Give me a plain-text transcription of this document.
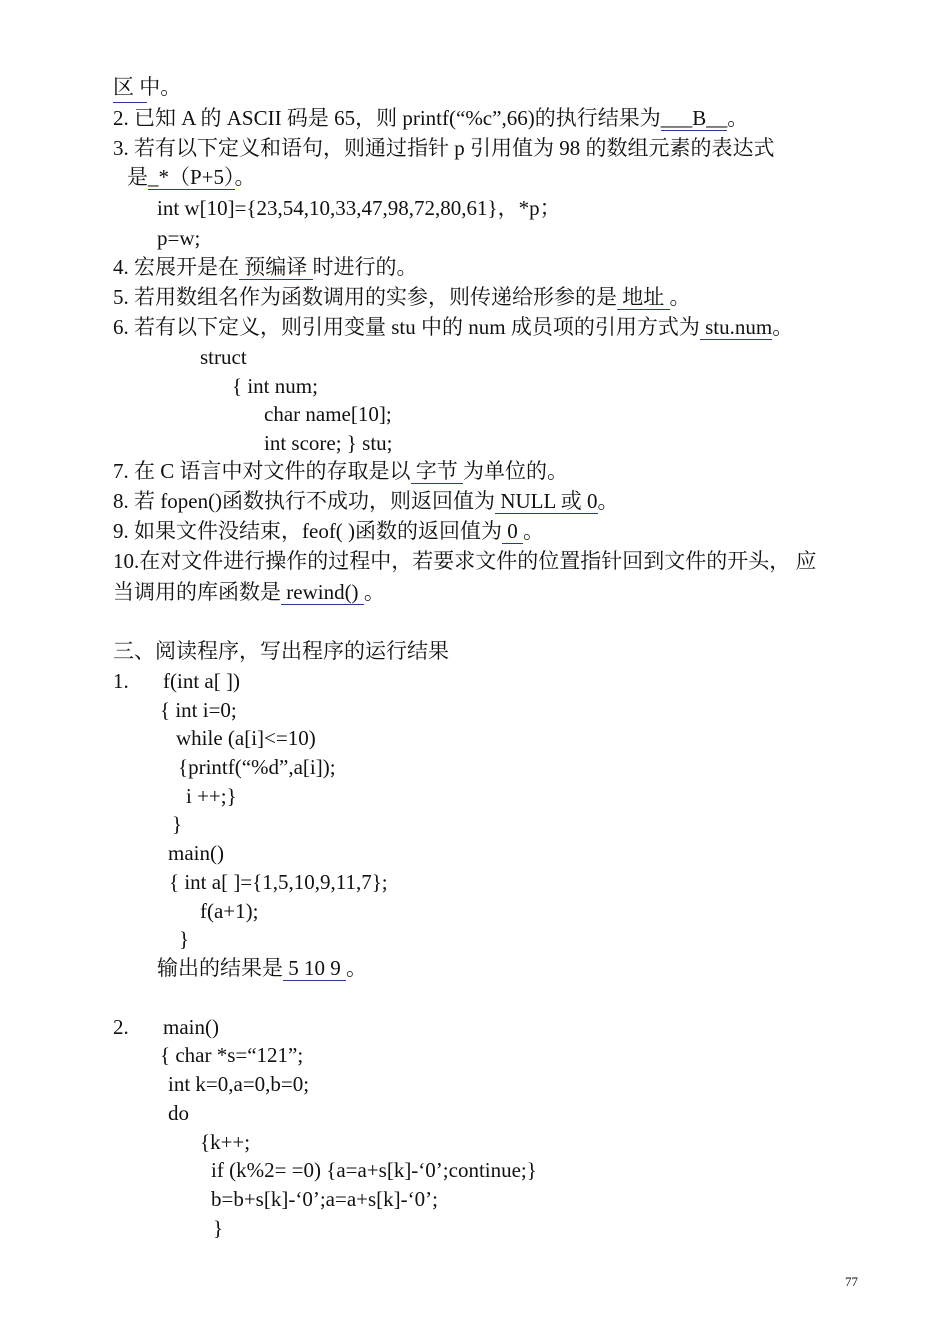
区 中。
2. 已知 A 的 ASCII 码是 65，则 printf(“%c”,66)的执行结果为___B__。
3. 若有以下定义和语句，则通过指针 p 引用值为 98 的数组元素的表达式
是_*（P+5）。
int w[10]={23,54,10,33,47,98,72,80,61}，*p；
p=w;
4. 宏展开是在 预编译 时进行的。
5. 若用数组名作为函数调用的实参，则传递给形参的是 地址 。
6. 若有以下定义，则引用变量 stu 中的 num 成员项的引用方式为 stu.num。
struct
{ int num;
char name[10];
int score; } stu;
7. 在 C 语言中对文件的存取是以 字节 为单位的。
8. 若 fopen()函数执行不成功，则返回值为 NULL 或 0。
9. 如果文件没结束，feof( )函数的返回值为 0 。
10.在对文件进行操作的过程中，若要求文件的位置指针回到文件的开头， 应
当调用的库函数是 rewind() 。
三、阅读程序，写出程序的运行结果
1. f(int a[ ])
{ int i=0;
while (a[i]<=10)
{printf(“%d”,a[i]);
i ++;}
}
main()
{ int a[ ]={1,5,10,9,11,7};
f(a+1);
}
输出的结果是 5 10 9 。
2. main()
{ char *s=“121”;
int k=0,a=0,b=0;
do
{k++;
if (k%2= =0) {a=a+s[k]-‘0’;continue;}
b=b+s[k]-‘0’;a=a+s[k]-‘0’;
}
77
